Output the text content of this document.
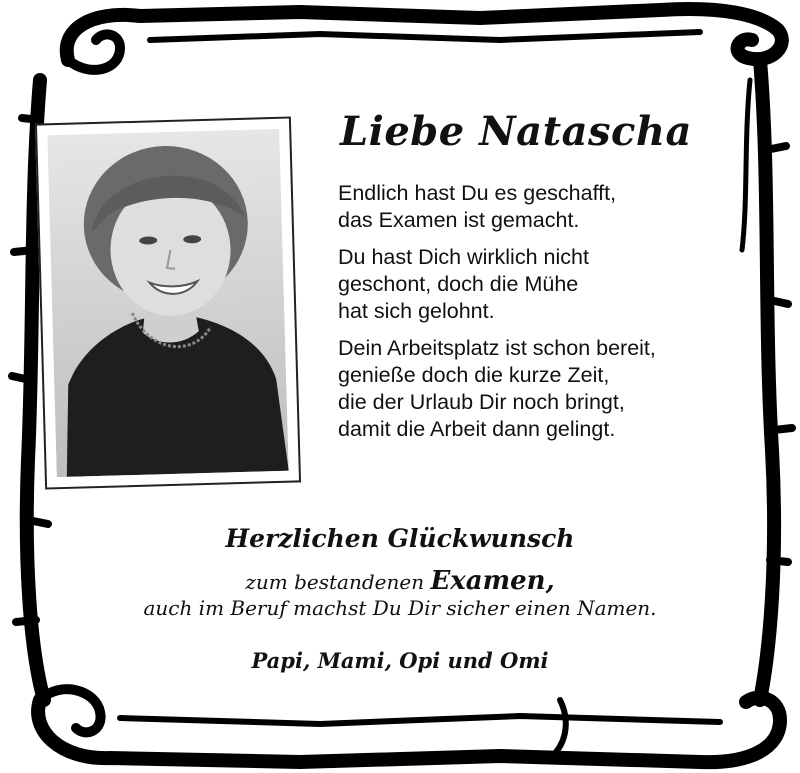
Liebe Natascha
Endlich hast Du es geschafft,
das Examen ist gemacht.
Du hast Dich wirklich nicht
geschont, doch die Mühe
hat sich gelohnt.
Dein Arbeitsplatz ist schon bereit,
genieße doch die kurze Zeit,
die der Urlaub Dir noch bringt,
damit die Arbeit dann gelingt.
Herzlichen Glückwunsch
zum bestandenen Examen,
auch im Beruf machst Du Dir sicher einen Namen.
Papi, Mami, Opi und Omi
